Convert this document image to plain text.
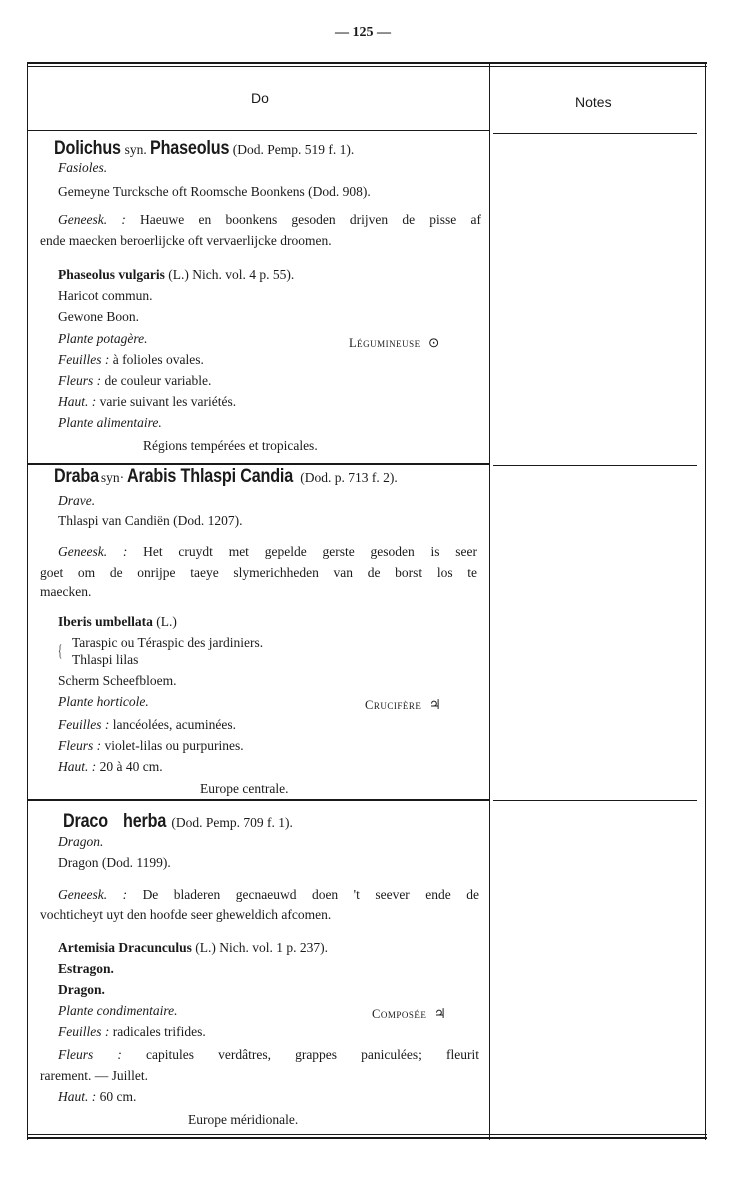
— 125 —
Do	Notes
Dolichus syn. Phaseolus (Dod. Pemp. 519 f. 1).
Fasioles.
Gemeyne Turcksche oft Roomsche Boonkens (Dod. 908).
Geneesk. : Haeuwe en boonkens gesoden drijven de pisse af
ende maecken beroerlijcke oft vervaerlijcke droomen.
Phaseolus vulgaris (L.) Nich. vol. 4 p. 55).
Haricot commun.
Gewone Boon.
Plante potagère.	Légumineuse ⊙
Feuilles : à folioles ovales.
Fleurs : de couleur variable.
Haut. : varie suivant les variétés.
Plante alimentaire.
Régions tempérées et tropicales.
Draba syn· Arabis Thlaspi Candia (Dod. p. 713 f. 2).
Drave.
Thlaspi van Candiën (Dod. 1207).
Geneesk. : Het cruydt met gepelde gerste gesoden is seer
goet om de onrijpe taeye slymerichheden van de borst los te
maecken.
Iberis umbellata (L.)
{ Taraspic ou Téraspic des jardiniers.
Thlaspi lilas
Scherm Scheefbloem.
Plante horticole.	Crucifère ♃
Feuilles : lancéolées, acuminées.
Fleurs : violet-lilas ou purpurines.
Haut. : 20 à 40 cm.
Europe centrale.
Draco herba (Dod. Pemp. 709 f. 1).
Dragon.
Dragon (Dod. 1199).
Geneesk. : De bladeren gecnaeuwd doen 't seever ende de
vochticheyt uyt den hoofde seer gheweldich afcomen.
Artemisia Dracunculus (L.) Nich. vol. 1 p. 237).
Estragon.
Dragon.
Plante condimentaire.	Composée ♃
Feuilles : radicales trifides.
Fleurs : capitules verdâtres, grappes paniculées; fleurit
rarement. — Juillet.
Haut. : 60 cm.
Europe méridionale.
